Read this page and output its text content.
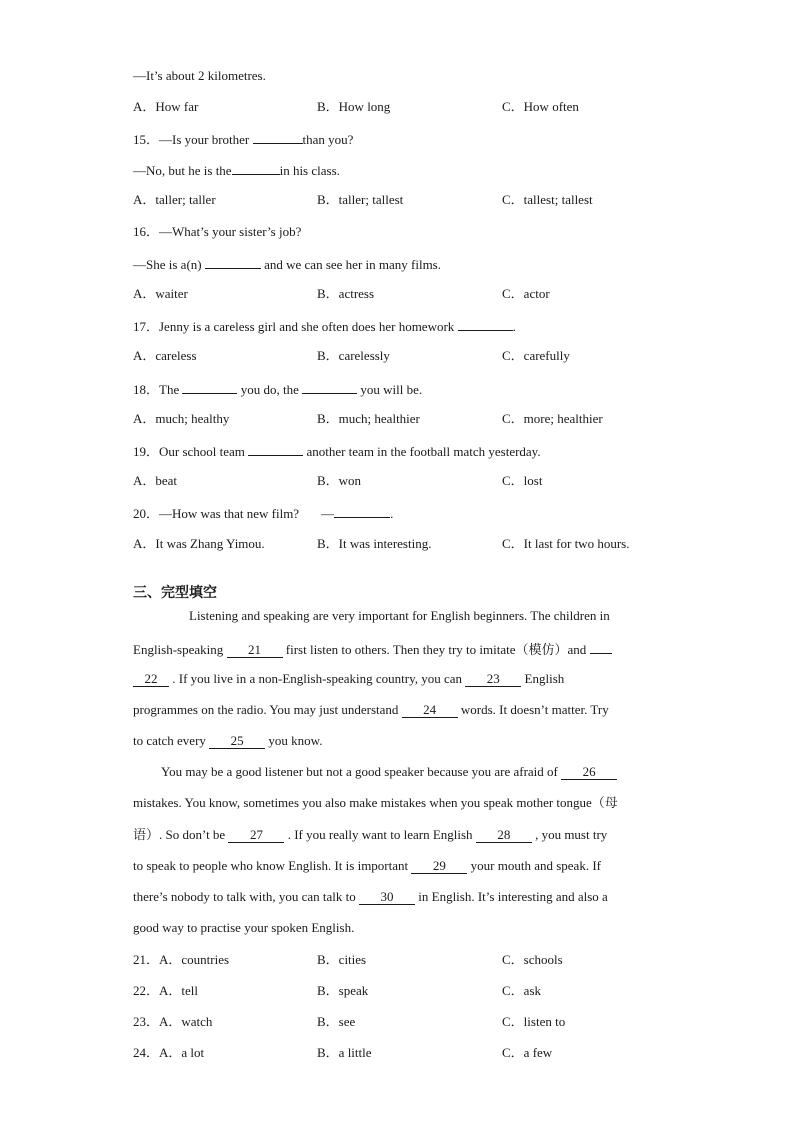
—It’s about 2 kilometres.
A．How far	B．How long	C．How often
15．—Is your brother	than you?
—No, but he is the	in his class.
A．taller; taller	B．taller; tallest	C．tallest; tallest
16．—What’s your sister’s job?
—She is a(n)	and we can see her in many films.
A．waiter	B．actress	C．actor
17．Jenny is a careless girl and she often does her homework	.
A．careless	B．carelessly	C．carefully
18．The	you do, the	you will be.
A．much; healthy	B．much; healthier	C．more; healthier
19．Our school team	another team in the football match yesterday.
A．beat	B．won	C．lost
20．—How was that new film? —	.
A．It was Zhang Yimou.	B．It was interesting.	C．It last for two hours.
三、完型填空
Listening and speaking are very important for English beginners. The children in
English-speaking 21 first listen to others. Then they try to imitate（模仿）and
22 . If you live in a non-English-speaking country, you can 23 English
programmes on the radio. You may just understand 24 words. It doesn’t matter. Try
to catch every 25 you know.
You may be a good listener but not a good speaker because you are afraid of 26
mistakes. You know, sometimes you also make mistakes when you speak mother tongue（母
语）. So don’t be 27 . If you really want to learn English 28 , you must try
to speak to people who know English. It is important 29 your mouth and speak. If
there’s nobody to talk with, you can talk to 30 in English. It’s interesting and also a
good way to practise your spoken English.
21．A．countries	B．cities	C．schools
22．A．tell	B．speak	C．ask
23．A．watch	B．see	C．listen to
24．A．a lot	B．a little	C．a few
